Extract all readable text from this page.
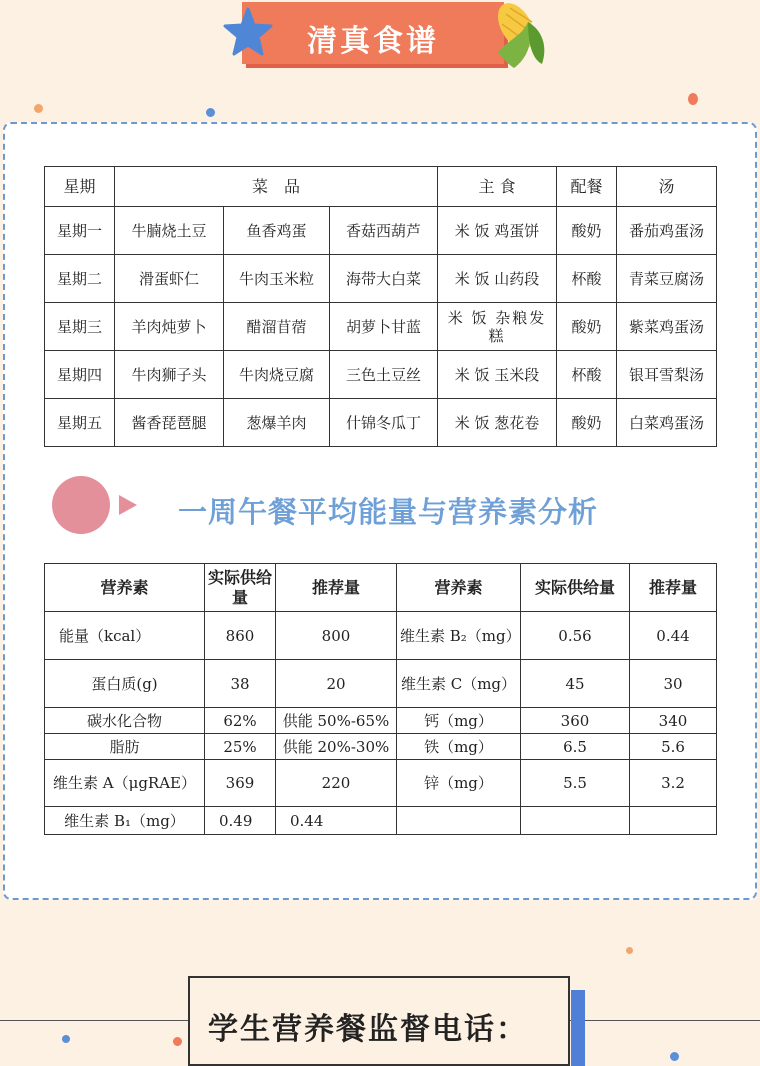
清真食谱
星期	菜　品			主 食	配餐	汤
星期一	牛腩烧土豆	鱼香鸡蛋	香菇西葫芦	米 饭 鸡蛋饼	酸奶	番茄鸡蛋汤
星期二	滑蛋虾仁	牛肉玉米粒	海带大白菜	米 饭 山药段	杯酸	青菜豆腐汤
星期三	羊肉炖萝卜	醋溜苜蓿	胡萝卜甘蓝	米 饭 杂粮发糕	酸奶	紫菜鸡蛋汤
星期四	牛肉狮子头	牛肉烧豆腐	三色土豆丝	米 饭 玉米段	杯酸	银耳雪梨汤
星期五	酱香琵琶腿	葱爆羊肉	什锦冬瓜丁	米 饭 葱花卷	酸奶	白菜鸡蛋汤
一周午餐平均能量与营养素分析
营养素	实际供给量	推荐量	营养素	实际供给量	推荐量
能量（kcal）	860	800	维生素 B₂（mg）	0.56	0.44
蛋白质(g)	38	20	维生素 C（mg）	45	30
碳水化合物	62%	供能 50%-65%	钙（mg）	360	340
脂肪	25%	供能 20%-30%	铁（mg）	6.5	5.6
维生素 A（μgRAE）	369	220	锌（mg）	5.5	3.2
维生素 B₁（mg）	0.49	0.44			
学生营养餐监督电话：
